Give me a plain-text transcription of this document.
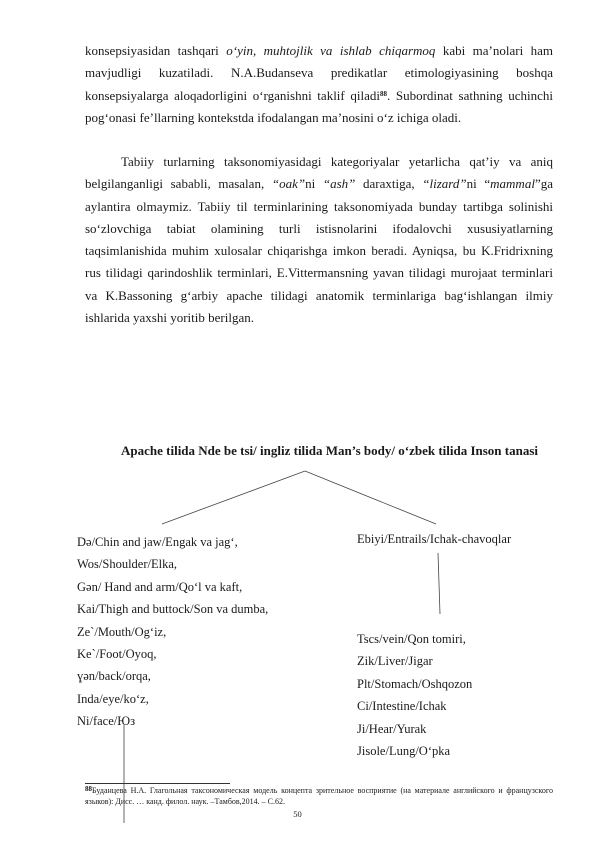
konsepsiyasidan tashqari o‘yin, muhtojlik va ishlab chiqarmoq kabi ma’nolari ham mavjudligi kuzatiladi. N.A.Budanseva predikatlar etimologiyasining boshqa konsepsiyalarga aloqadorligini o‘rganishni taklif qiladi$^{88}$. Subordinat sathning uchinchi pog‘onasi fe’llarning kontekstda ifodalangan ma’nosini o‘z ichiga oladi.
Tabiiy turlarning taksonomiyasidagi kategoriyalar yetarlicha qat’iy va aniq belgilanganligi sababli, masalan, “oak”ni “ash” daraxtiga, “lizard”ni “mammal”ga aylantira olmaymiz. Tabiiy til terminlarining taksonomiyada bunday tartibga solinishi so‘zlovchiga tabiat olamining turli istisnolarini ifodalovchi xususiyatlarning taqsimlanishida muhim xulosalar chiqarishga imkon beradi. Ayniqsa, bu K.Fridrixning rus tilidagi qarindoshlik terminlari, E.Vittermansning yavan tilidagi murojaat terminlari va K.Bassoning g‘arbiy apache tilidagi anatomik terminlariga bag‘ishlangan ilmiy ishlarida yaxshi yoritib berilgan.
Apache tilida Nde be tsi/ ingliz tilida Man’s body/ o‘zbek tilida Inson tanasi
Də/Chin and jaw/Engak va jag‘,
Wos/Shoulder/Elka,
Gən/ Hand and arm/Qo‘l va kaft,
Kai/Thigh and buttock/Son va dumba,
Ze`/Mouth/Og‘iz,
Ke`/Foot/Oyoq,
ɣən/back/orqa,
Inda/eye/ko‘z,
Ni/face/Юз
Ebiyi/Entrails/Ichak-chavoqlar
Tscs/vein/Qon tomiri,
Zik/Liver/Jigar
Plt/Stomach/Oshqozon
Ci/Intestine/Ichak
Ji/Hear/Yurak
Jisole/Lung/O‘pka
88Будaнцева Н.А. Глагольная таксономическая модель концепта зрительное восприятие (на материале английского и французского языков): Дисс. … канд. филол. наук. –Тамбов,2014. – С.62.
50
